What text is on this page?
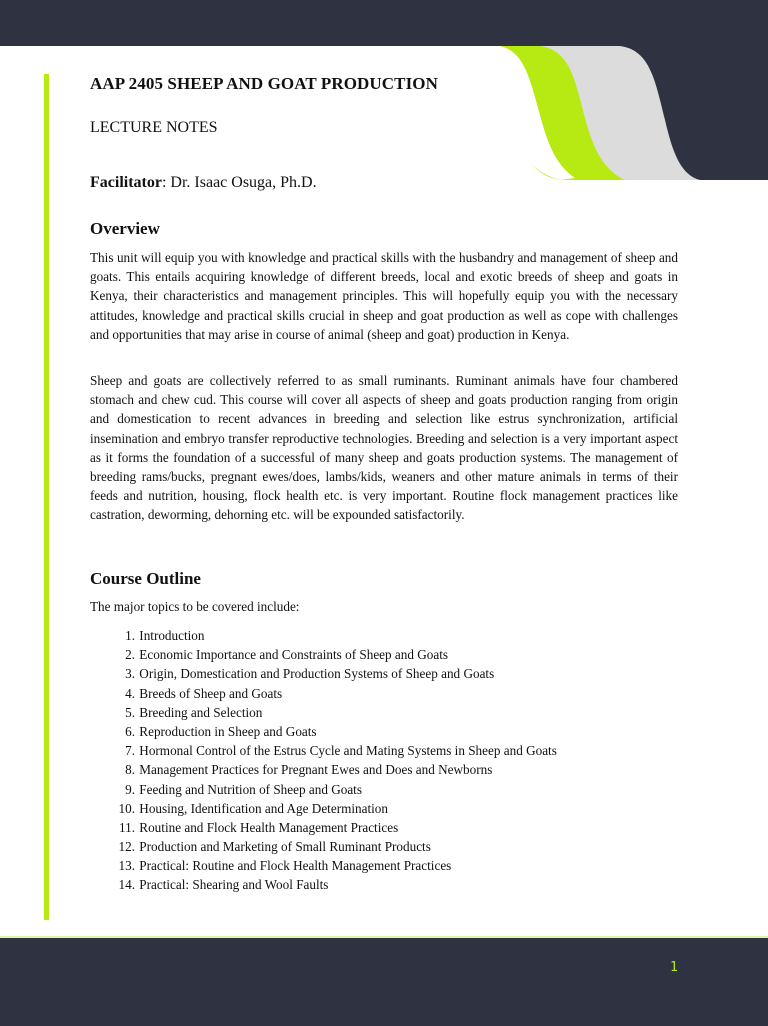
AAP 2405 SHEEP AND GOAT PRODUCTION
LECTURE NOTES
Facilitator: Dr. Isaac Osuga, Ph.D.
Overview

This unit will equip you with knowledge and practical skills with the husbandry and management of sheep and goats. This entails acquiring knowledge of different breeds, local and exotic breeds of sheep and goats in Kenya, their characteristics and management principles. This will hopefully equip you with the necessary attitudes, knowledge and practical skills crucial in sheep and goat production as well as cope with challenges and opportunities that may arise in course of animal (sheep and goat) production in Kenya.

Sheep and goats are collectively referred to as small ruminants. Ruminant animals have four chambered stomach and chew cud. This course will cover all aspects of sheep and goats production ranging from origin and domestication to recent advances in breeding and selection like estrus synchronization, artificial insemination and embryo transfer reproductive technologies. Breeding and selection is a very important aspect as it forms the foundation of a successful of many sheep and goats production systems. The management of breeding rams/bucks, pregnant ewes/does, lambs/kids, weaners and other mature animals in terms of their feeds and nutrition, housing, flock health etc. is very important. Routine flock management practices like castration, deworming, dehorning etc. will be expounded satisfactorily.

Course Outline
The major topics to be covered include:
1. Introduction
2. Economic Importance and Constraints of Sheep and Goats
3. Origin, Domestication and Production Systems of Sheep and Goats
4. Breeds of Sheep and Goats
5. Breeding and Selection
6. Reproduction in Sheep and Goats
7. Hormonal Control of the Estrus Cycle and Mating Systems in Sheep and Goats
8. Management Practices for Pregnant Ewes and Does and Newborns
9. Feeding and Nutrition of Sheep and Goats
10. Housing, Identification and Age Determination
11. Routine and Flock Health Management Practices
12. Production and Marketing of Small Ruminant Products
13. Practical: Routine and Flock Health Management Practices
14. Practical: Shearing and Wool Faults
1
